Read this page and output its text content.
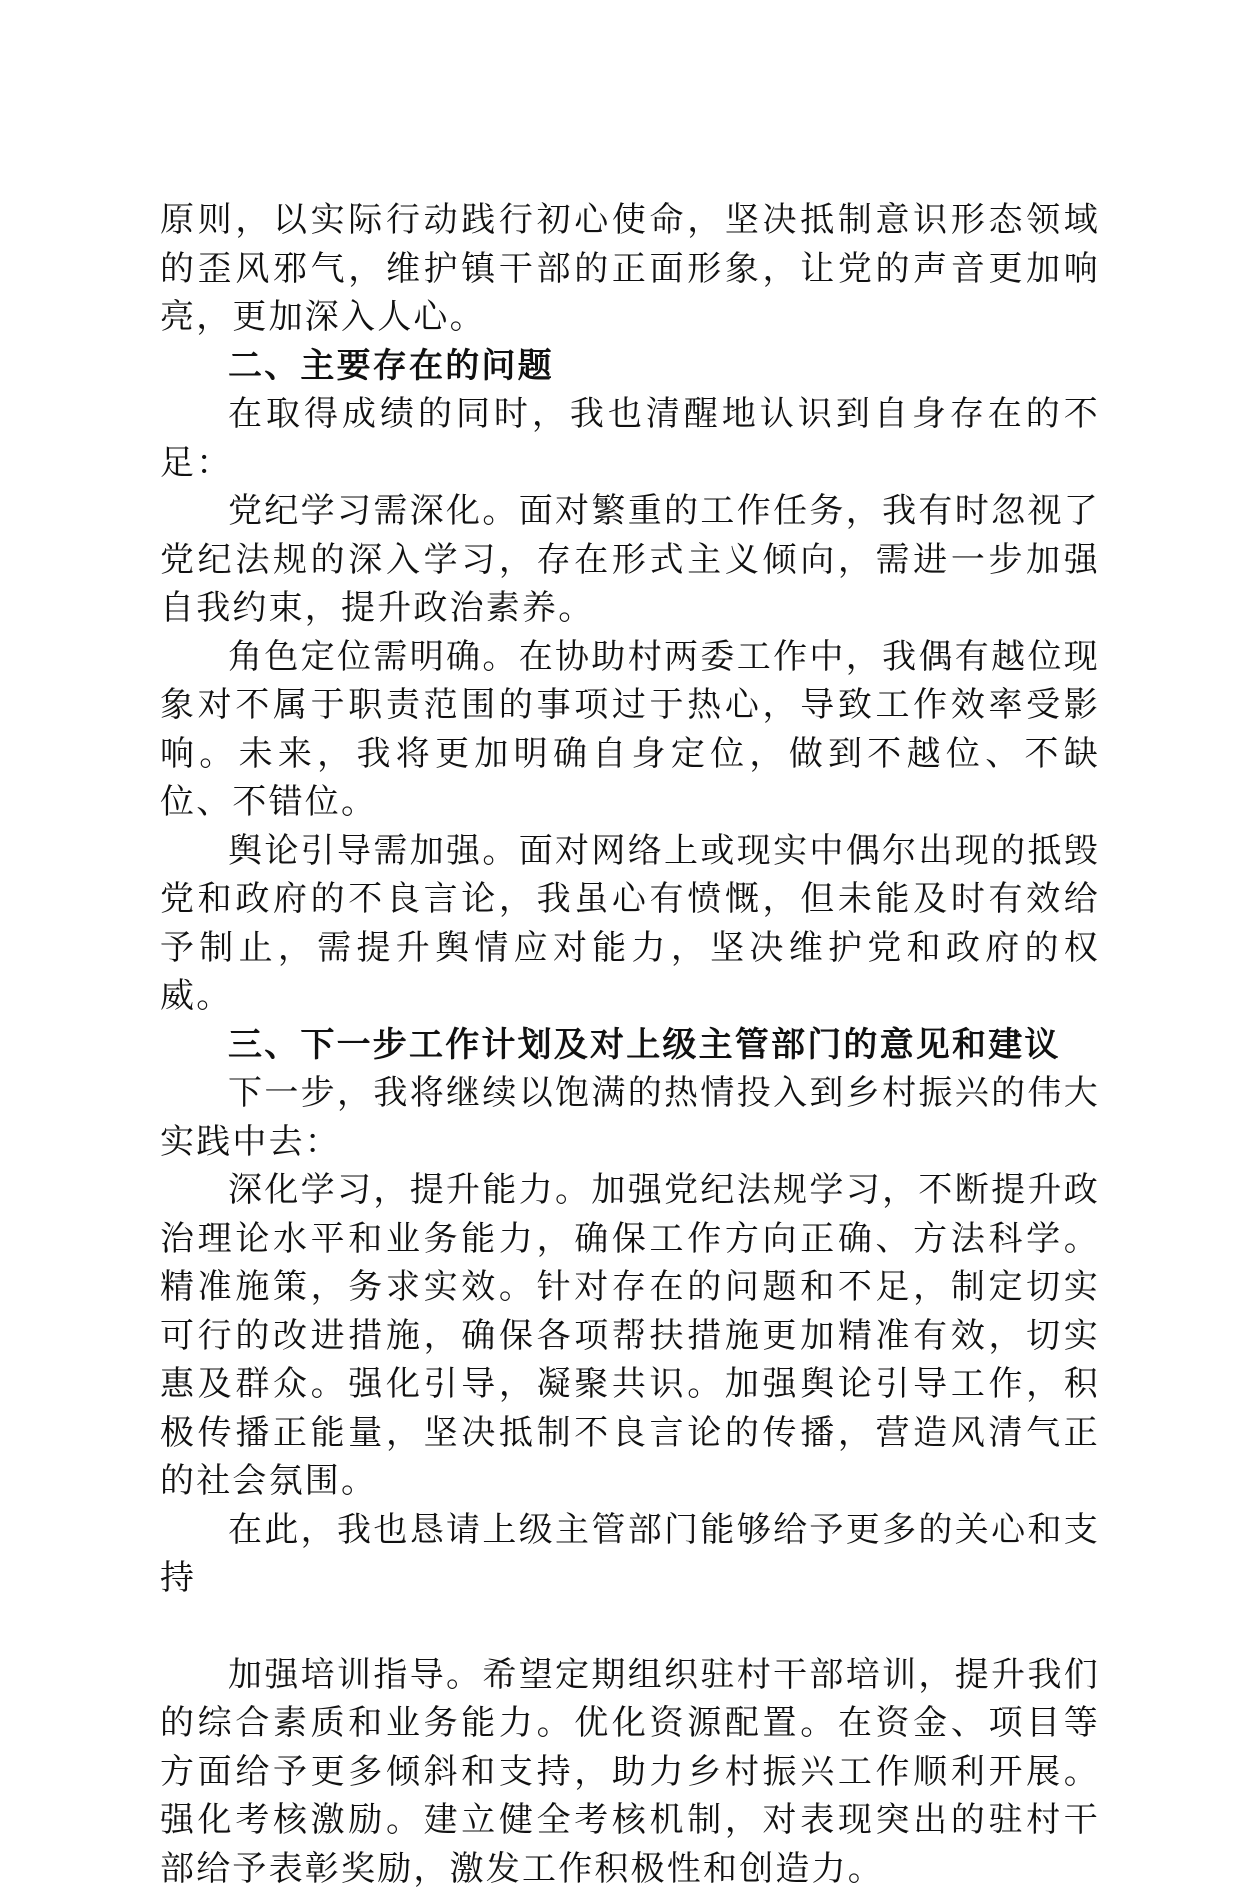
原则，以实际行动践行初心使命，坚决抵制意识形态领域的歪风邪气，维护镇干部的正面形象，让党的声音更加响亮，更加深入人心。

二、主要存在的问题

在取得成绩的同时，我也清醒地认识到自身存在的不足：

党纪学习需深化。面对繁重的工作任务，我有时忽视了党纪法规的深入学习，存在形式主义倾向，需进一步加强自我约束，提升政治素养。

角色定位需明确。在协助村两委工作中，我偶有越位现象对不属于职责范围的事项过于热心，导致工作效率受影响。未来，我将更加明确自身定位，做到不越位、不缺位、不错位。

舆论引导需加强。面对网络上或现实中偶尔出现的抵毁党和政府的不良言论，我虽心有愤慨，但未能及时有效给予制止，需提升舆情应对能力，坚决维护党和政府的权威。

三、下一步工作计划及对上级主管部门的意见和建议

下一步，我将继续以饱满的热情投入到乡村振兴的伟大实践中去：

深化学习，提升能力。加强党纪法规学习，不断提升政治理论水平和业务能力，确保工作方向正确、方法科学。精准施策，务求实效。针对存在的问题和不足，制定切实可行的改进措施，确保各项帮扶措施更加精准有效，切实惠及群众。强化引导，凝聚共识。加强舆论引导工作，积极传播正能量，坚决抵制不良言论的传播，营造风清气正的社会氛围。

在此，我也恳请上级主管部门能够给予更多的关心和支持

加强培训指导。希望定期组织驻村干部培训，提升我们的综合素质和业务能力。优化资源配置。在资金、项目等方面给予更多倾斜和支持，助力乡村振兴工作顺利开展。强化考核激励。建立健全考核机制，对表现突出的驻村干部给予表彰奖励，激发工作积极性和创造力。
